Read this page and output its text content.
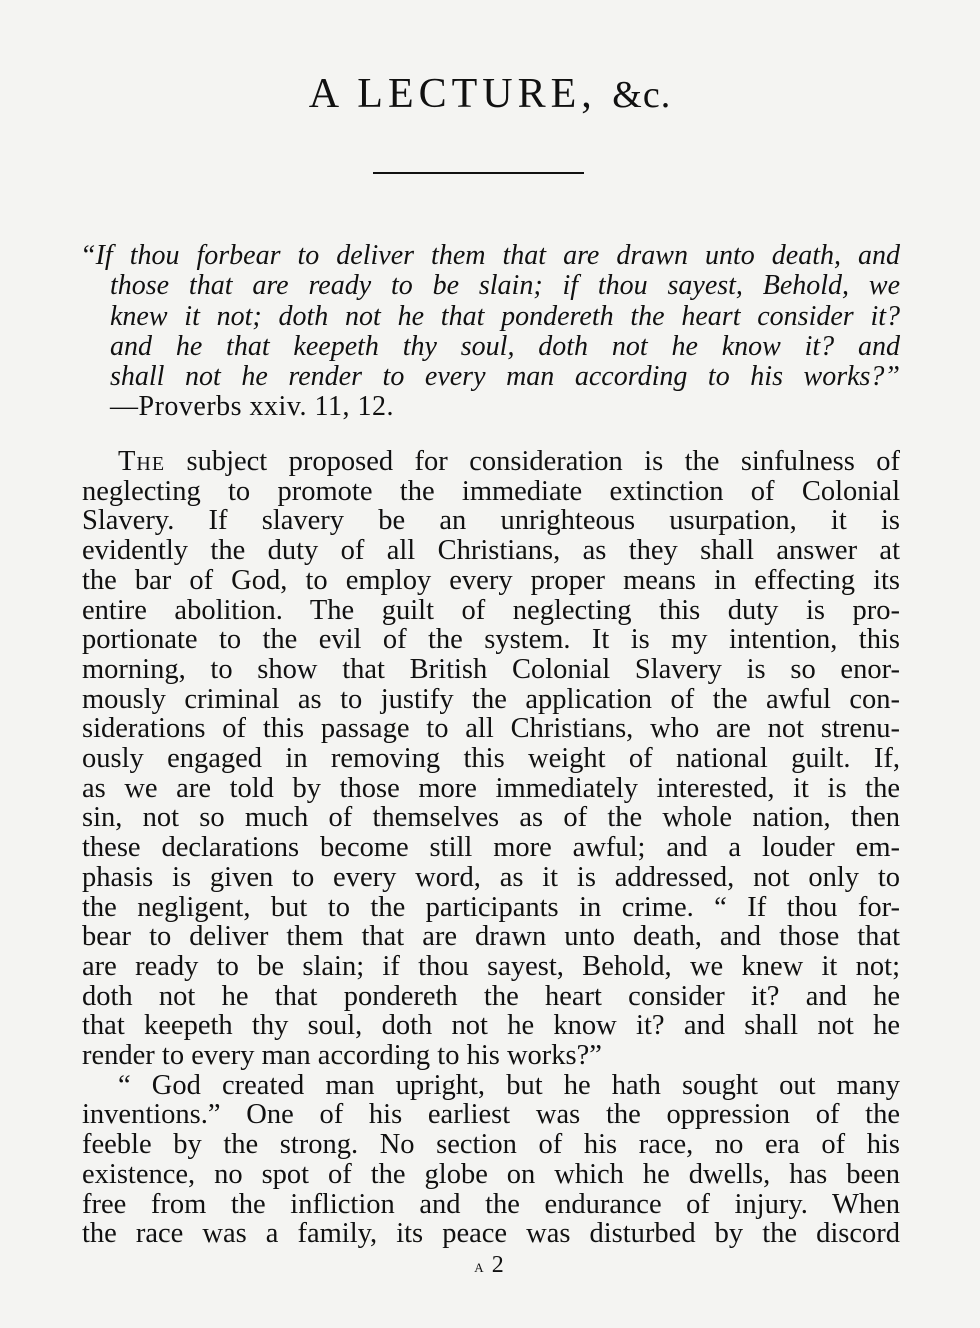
A LECTURE, &c.
“If thou forbear to deliver them that are drawn unto death, and
those that are ready to be slain; if thou sayest, Behold, we
knew it not; doth not he that pondereth the heart consider it?
and he that keepeth thy soul, doth not he know it? and
shall not he render to every man according to his works?”
—Proverbs xxiv. 11, 12.
The subject proposed for consideration is the sinfulness of
neglecting to promote the immediate extinction of Colonial
Slavery. If slavery be an unrighteous usurpation, it is
evidently the duty of all Christians, as they shall answer at
the bar of God, to employ every proper means in effecting its
entire abolition. The guilt of neglecting this duty is pro-
portionate to the evil of the system. It is my intention, this
morning, to show that British Colonial Slavery is so enor-
mously criminal as to justify the application of the awful con-
siderations of this passage to all Christians, who are not strenu-
ously engaged in removing this weight of national guilt. If,
as we are told by those more immediately interested, it is the
sin, not so much of themselves as of the whole nation, then
these declarations become still more awful; and a louder em-
phasis is given to every word, as it is addressed, not only to
the negligent, but to the participants in crime. “ If thou for-
bear to deliver them that are drawn unto death, and those that
are ready to be slain; if thou sayest, Behold, we knew it not;
doth not he that pondereth the heart consider it? and he
that keepeth thy soul, doth not he know it? and shall not he
render to every man according to his works?”
“ God created man upright, but he hath sought out many
inventions.” One of his earliest was the oppression of the
feeble by the strong. No section of his race, no era of his
existence, no spot of the globe on which he dwells, has been
free from the infliction and the endurance of injury. When
the race was a family, its peace was disturbed by the discord
a 2
